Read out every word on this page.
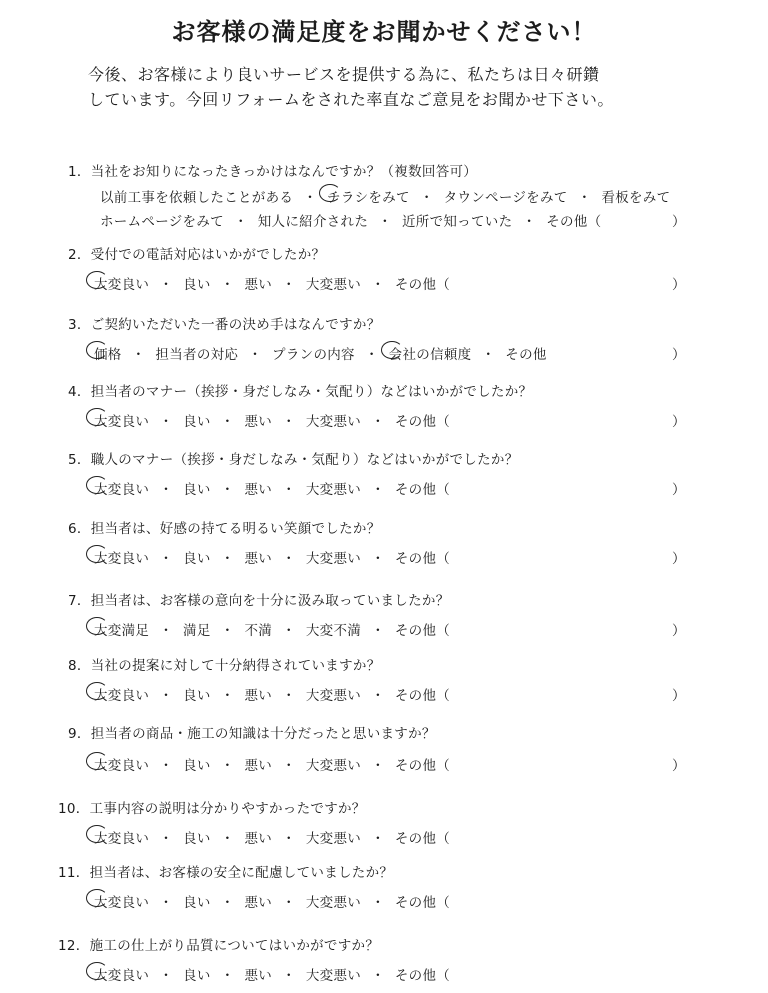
お客様の満足度をお聞かせください！
今後、お客様により良いサービスを提供する為に、私たちは日々研鑽
しています。今回リフォームをされた率直なご意見をお聞かせ下さい。
1．当社をお知りになったきっかけはなんですか？（複数回答可）
以前工事を依頼したことがある ・ チラシをみて ・ タウンページをみて ・ 看板をみて
ホームページをみて ・ 知人に紹介された ・ 近所で知っていた ・ その他（	）
2．受付での電話対応はいかがでしたか？
大変良い ・ 良い ・ 悪い ・ 大変悪い ・ その他（	）
3．ご契約いただいた一番の決め手はなんですか？
価格 ・ 担当者の対応 ・ プランの内容 ・ 会社の信頼度 ・ その他	）
4．担当者のマナー（挨拶・身だしなみ・気配り）などはいかがでしたか？
大変良い ・ 良い ・ 悪い ・ 大変悪い ・ その他（	）
5．職人のマナー（挨拶・身だしなみ・気配り）などはいかがでしたか？
大変良い ・ 良い ・ 悪い ・ 大変悪い ・ その他（	）
6．担当者は、好感の持てる明るい笑顔でしたか？
大変良い ・ 良い ・ 悪い ・ 大変悪い ・ その他（	）
7．担当者は、お客様の意向を十分に汲み取っていましたか？
大変満足 ・ 満足 ・ 不満 ・ 大変不満 ・ その他（	）
8．当社の提案に対して十分納得されていますか？
大変良い ・ 良い ・ 悪い ・ 大変悪い ・ その他（	）
9．担当者の商品・施工の知識は十分だったと思いますか？
大変良い ・ 良い ・ 悪い ・ 大変悪い ・ その他（	）
10．工事内容の説明は分かりやすかったですか？
大変良い ・ 良い ・ 悪い ・ 大変悪い ・ その他（
11．担当者は、お客様の安全に配慮していましたか？
大変良い ・ 良い ・ 悪い ・ 大変悪い ・ その他（
12．施工の仕上がり品質についてはいかがですか？
大変良い ・ 良い ・ 悪い ・ 大変悪い ・ その他（
